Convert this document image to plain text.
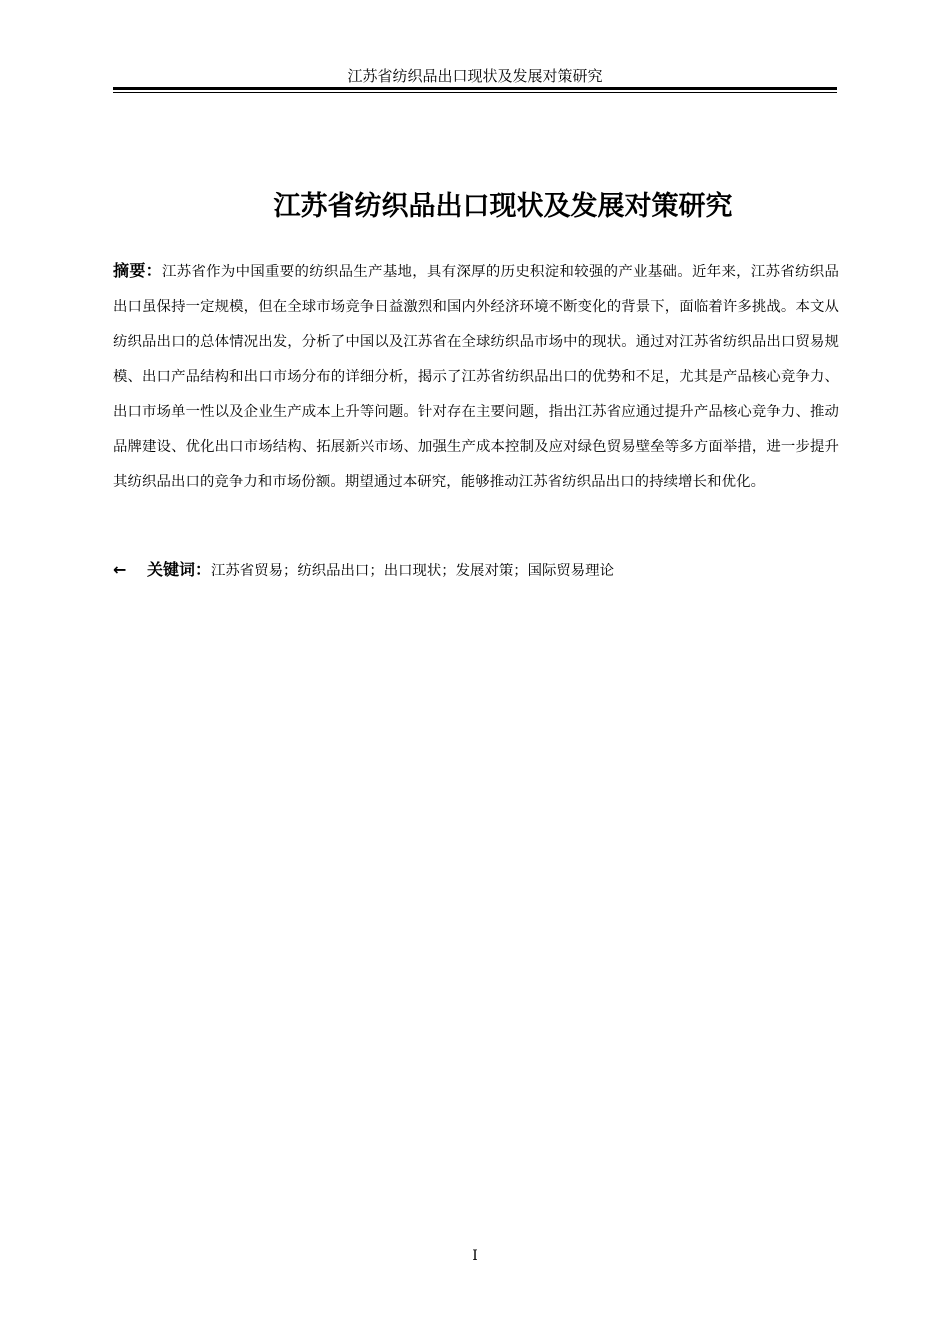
江苏省纺织品出口现状及发展对策研究
江苏省纺织品出口现状及发展对策研究
摘要：江苏省作为中国重要的纺织品生产基地，具有深厚的历史积淀和较强的产业基础。近年来，江苏省纺织品出口虽保持一定规模，但在全球市场竞争日益激烈和国内外经济环境不断变化的背景下，面临着许多挑战。本文从纺织品出口的总体情况出发，分析了中国以及江苏省在全球纺织品市场中的现状。通过对江苏省纺织品出口贸易规模、出口产品结构和出口市场分布的详细分析，揭示了江苏省纺织品出口的优势和不足，尤其是产品核心竞争力、出口市场单一性以及企业生产成本上升等问题。针对存在主要问题，指出江苏省应通过提升产品核心竞争力、推动品牌建设、优化出口市场结构、拓展新兴市场、加强生产成本控制及应对绿色贸易壁垒等多方面举措，进一步提升其纺织品出口的竞争力和市场份额。期望通过本研究，能够推动江苏省纺织品出口的持续增长和优化。
← 关键词：江苏省贸易；纺织品出口；出口现状；发展对策；国际贸易理论
I
